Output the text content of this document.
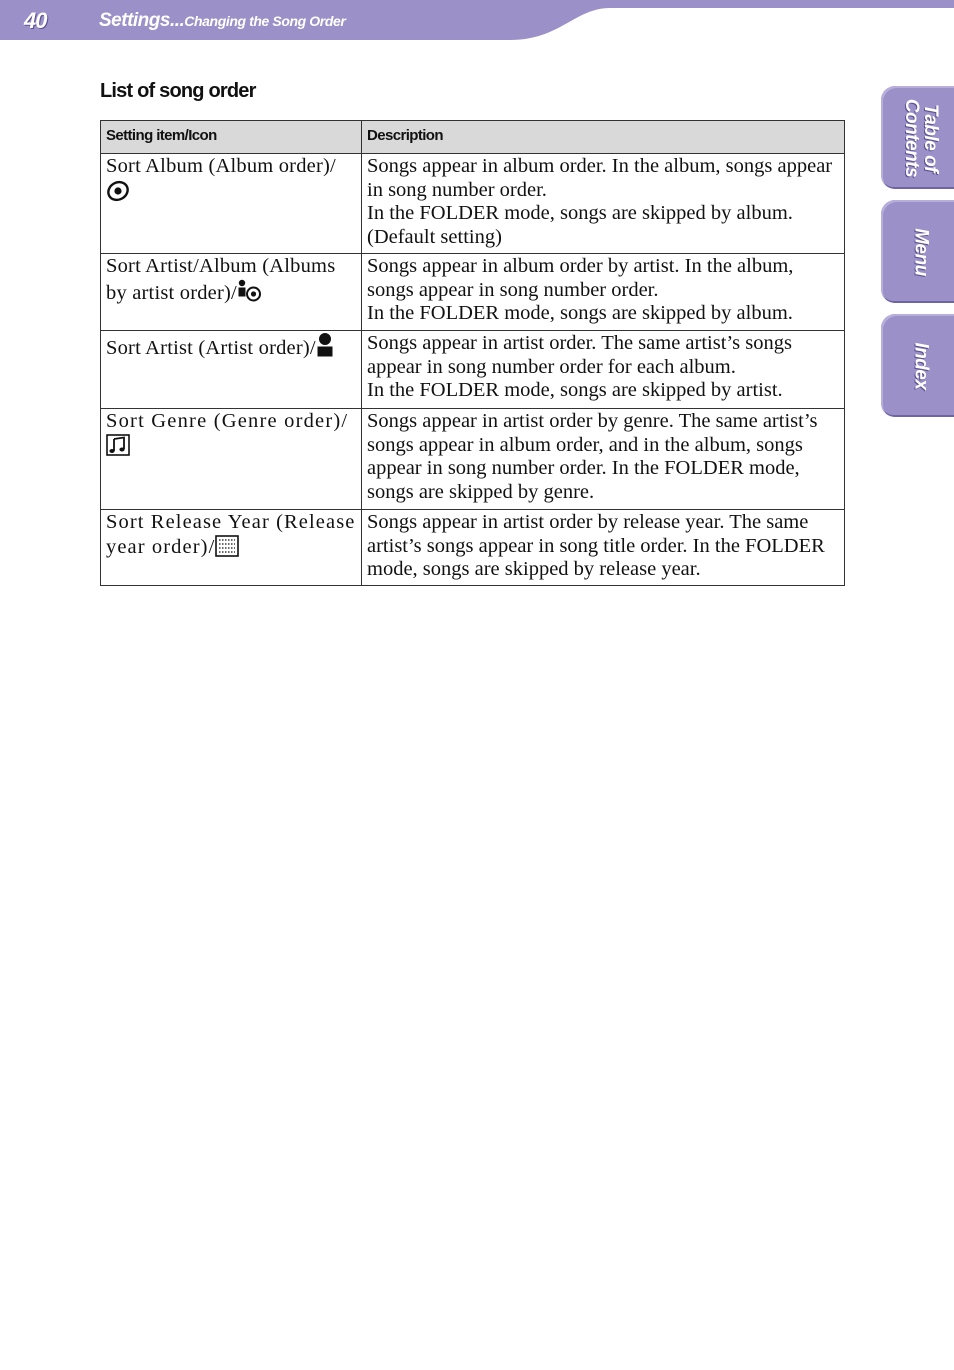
40	Settings...Changing the Song Order
List of song order
Setting item/Icon	Description
Sort Album (Album order)/	Songs appear in album order. In the album, songs appear in song number order.
In the FOLDER mode, songs are skipped by album.
(Default setting)

Sort Artist/Album (Albums by artist order)/	Songs appear in album order by artist. In the album, songs appear in song number order.
In the FOLDER mode, songs are skipped by album.

Sort Artist (Artist order)/	Songs appear in artist order. The same artist’s songs appear in song number order for each album.
In the FOLDER mode, songs are skipped by artist.

Sort Genre (Genre order)/	Songs appear in artist order by genre. The same artist’s songs appear in album order, and in the album, songs appear in song number order. In the FOLDER mode, songs are skipped by genre.

Sort Release Year (Release year order)/	Songs appear in artist order by release year. The same artist’s songs appear in song title order. In the FOLDER mode, songs are skipped by release year.
Table of Contents
Menu
Index
